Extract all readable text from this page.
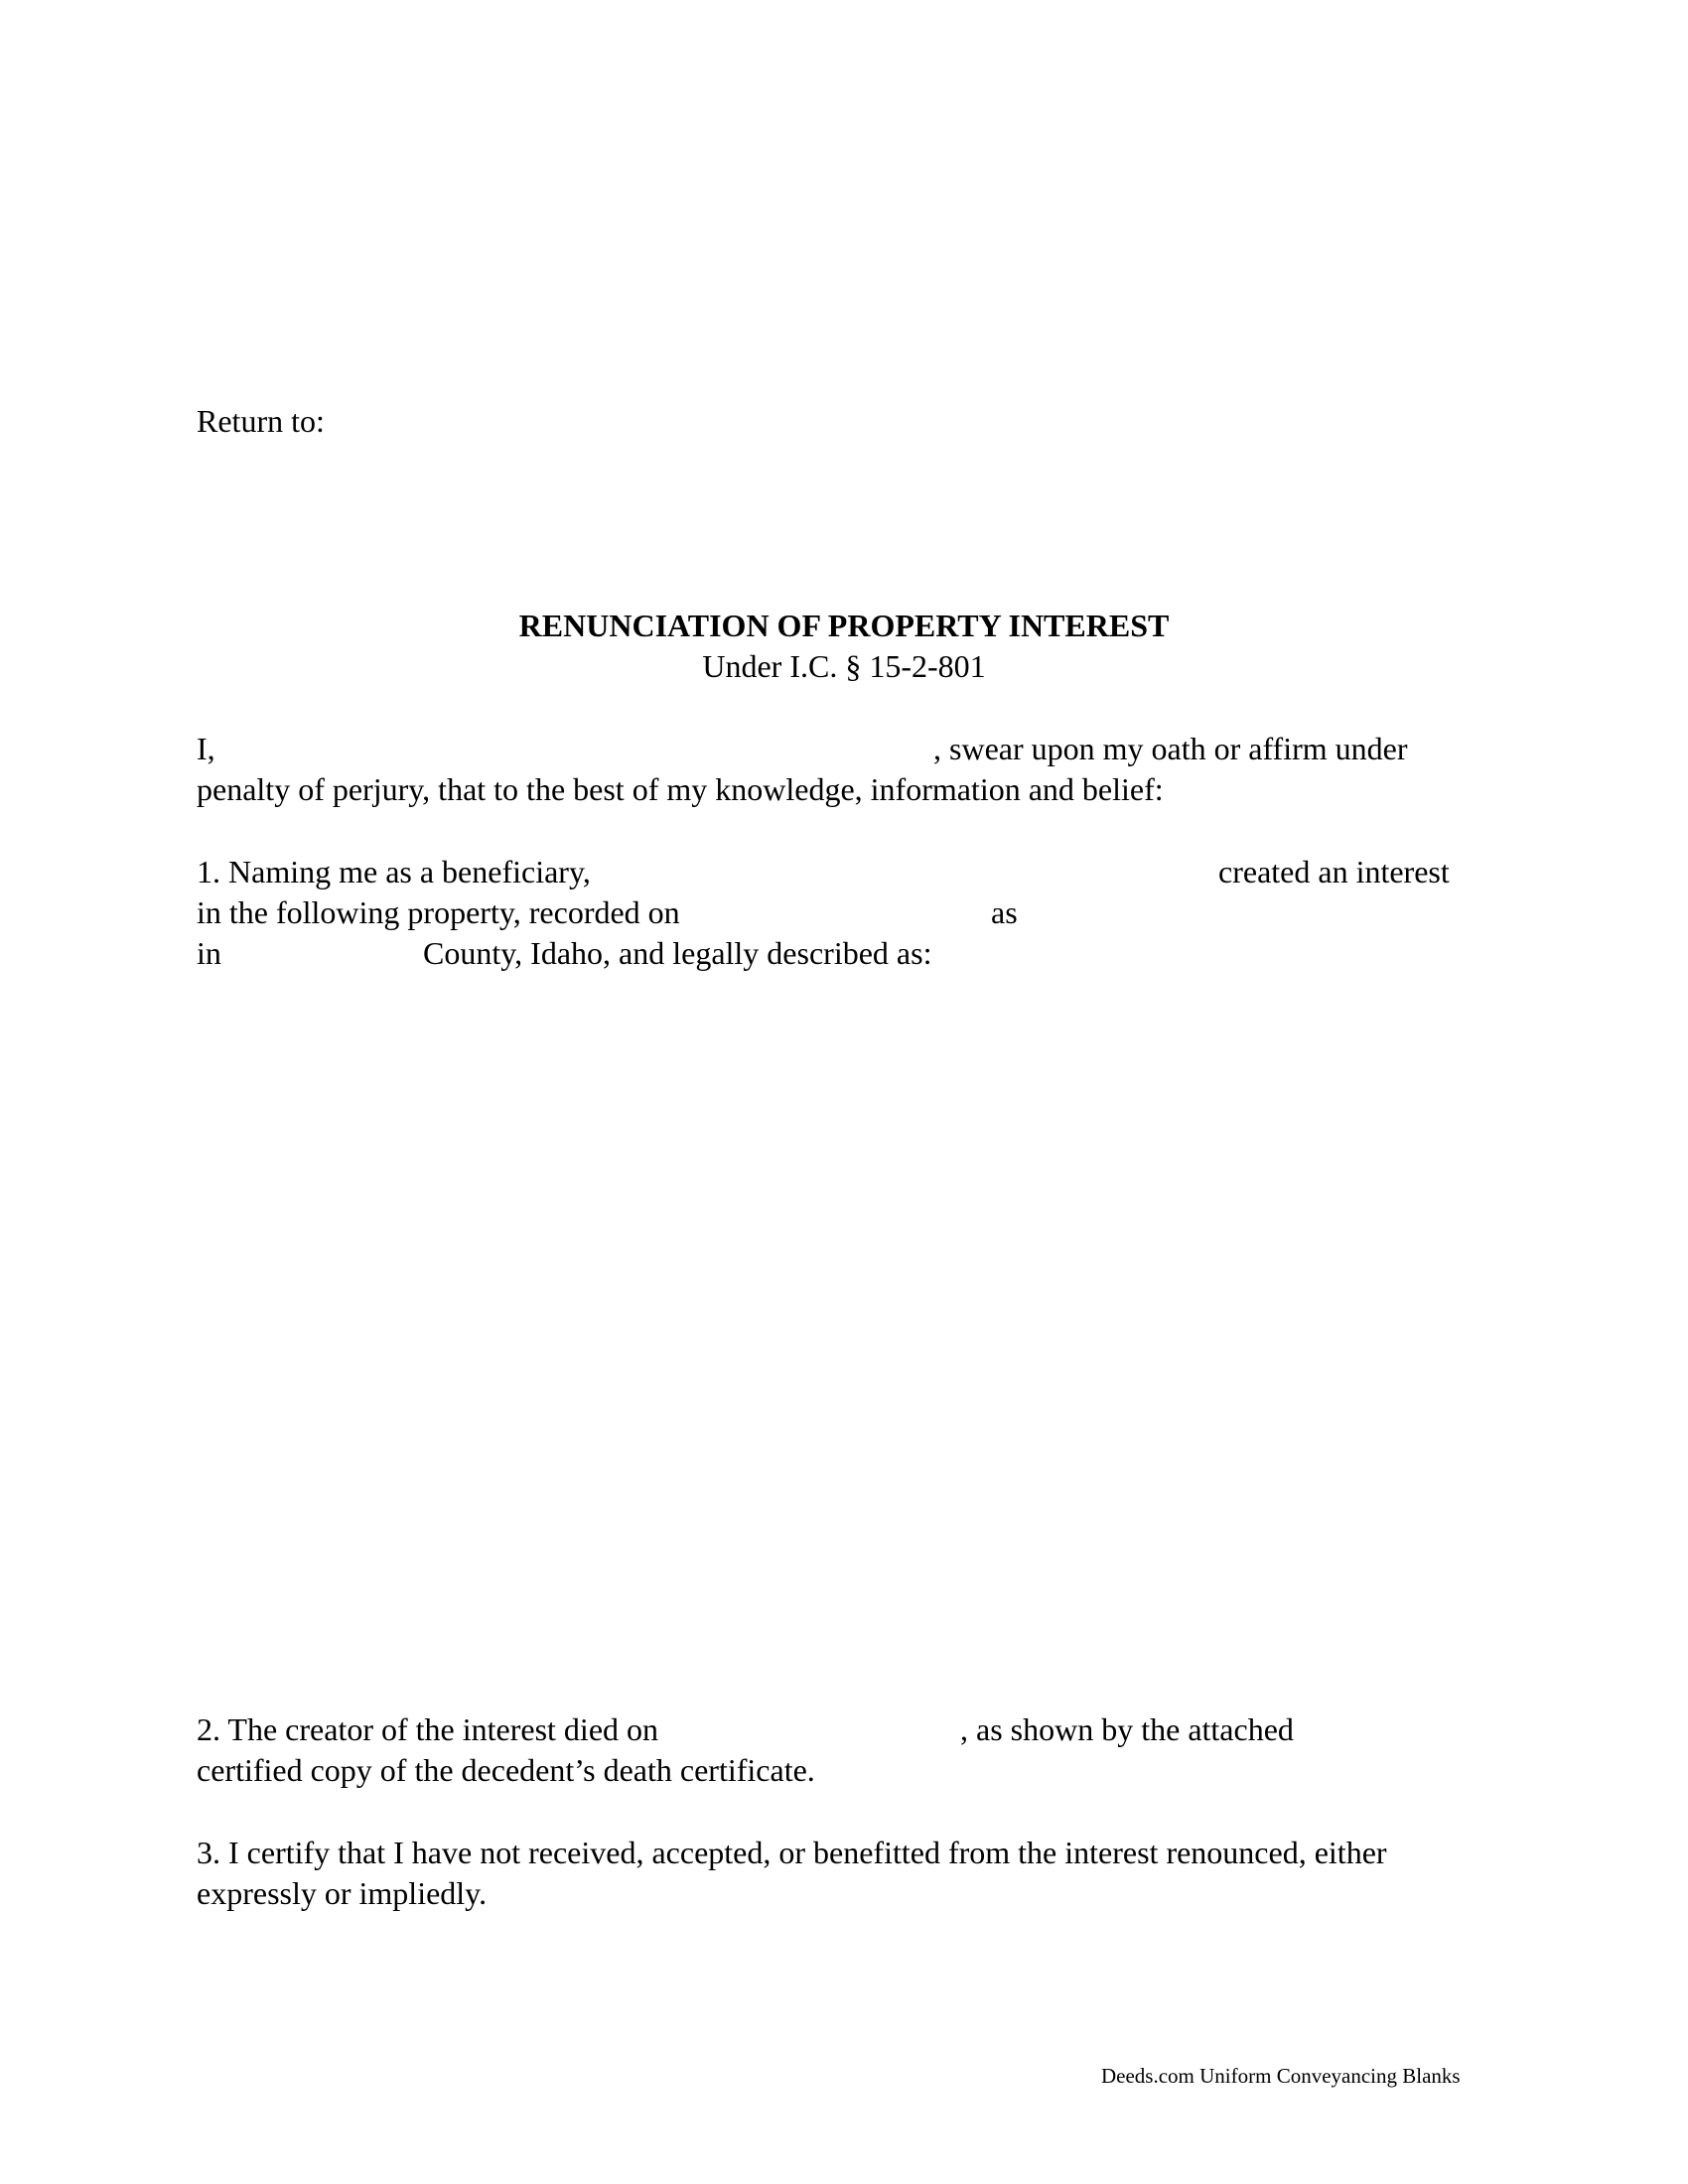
Return to:
RENUNCIATION OF PROPERTY INTEREST
Under I.C. § 15-2-801
I,	, swear upon my oath or affirm under
penalty of perjury, that to the best of my knowledge, information and belief:
1. Naming me as a beneficiary,	created an interest
in the following property, recorded on	as
in	County, Idaho, and legally described as:
2. The creator of the interest died on	, as shown by the attached
certified copy of the decedent’s death certificate.
3. I certify that I have not received, accepted, or benefitted from the interest renounced, either
expressly or impliedly.
Deeds.com Uniform Conveyancing Blanks
